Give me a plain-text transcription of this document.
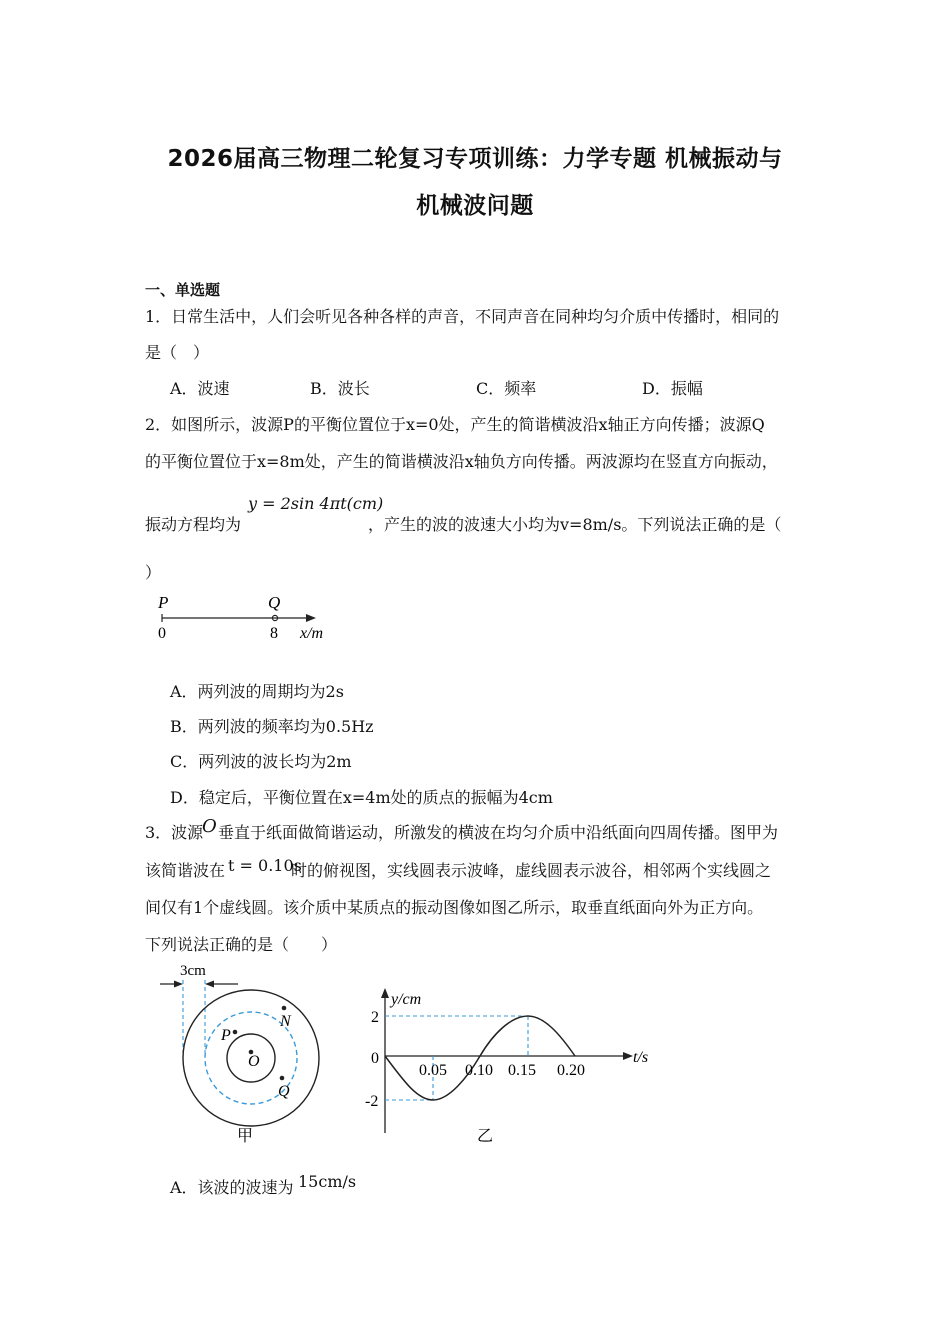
2026届高三物理二轮复习专项训练：力学专题 机械振动与
机械波问题
一、单选题
1．日常生活中，人们会听见各种各样的声音，不同声音在同种均匀介质中传播时，相同的
是（　）
A．波速	B．波长	C．频率	D．振幅
2．如图所示，波源P的平衡位置位于x=0处，产生的简谐横波沿x轴正方向传播；波源Q
的平衡位置位于x=8m处，产生的简谐横波沿x轴负方向传播。两波源均在竖直方向振动，
y = 2sin 4πt(cm)
振动方程均为	，产生的波的波速大小均为v=8m/s。下列说法正确的是（
）
P	Q
0	8 x/m
A．两列波的周期均为2s
B．两列波的频率均为0.5Hz
C．两列波的波长均为2m
D．稳定后，平衡位置在x=4m处的质点的振幅为4cm
3．波源
O 垂直于纸面做简谐运动，所激发的横波在均匀介质中沿纸面向四周传播。图甲为
该简谐波在 t = 0.10s
时的俯视图，实线圆表示波峰，虚线圆表示波谷，相邻两个实线圆之
间仅有1个虚线圆。该介质中某质点的振动图像如图乙所示，取垂直纸面向外为正方向。
下列说法正确的是（　　）
3cm
O
P
N
Q
甲
y/cm
t/s
2
0
-2
0.05 0.10 0.15 0.20
乙
A．该波的波速为 15cm/s
